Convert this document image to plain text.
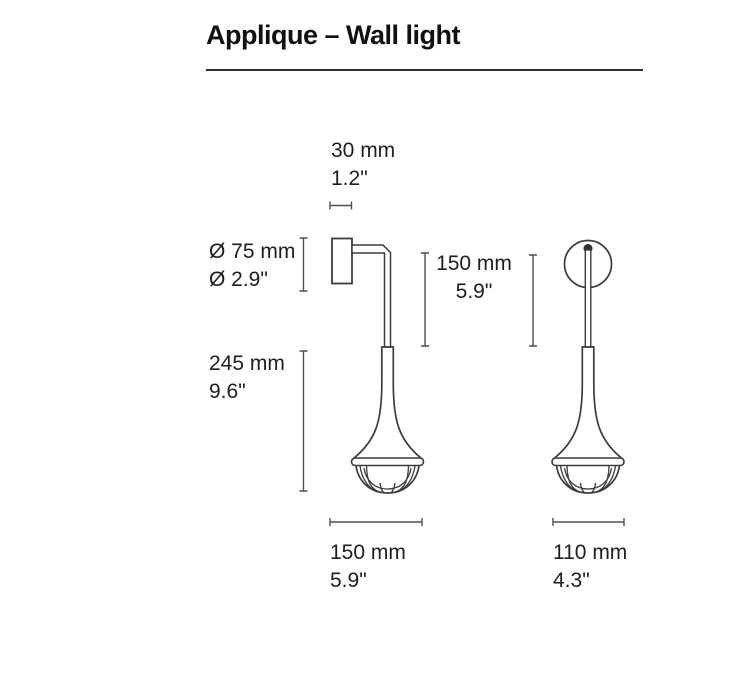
Applique – Wall light
30 mm
1.2"
Ø 75 mm
Ø 2.9"
150 mm
5.9"
245 mm
9.6"
150 mm
5.9"
110 mm
4.3"
